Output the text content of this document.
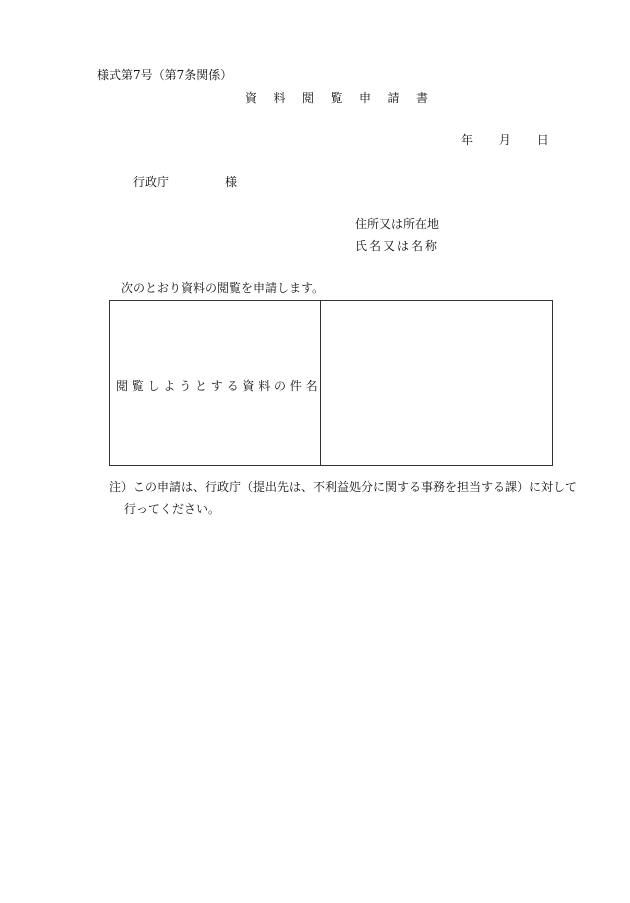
様式第7号（第7条関係）
資料閲覧申請書
年 月 日
行政庁	様
住所又は所在地
氏名又は名称
次のとおり資料の閲覧を申請します。
閲覧しようとする資料の件名
注）この申請は、行政庁（提出先は、不利益処分に関する事務を担当する課）に対して
行ってください。
